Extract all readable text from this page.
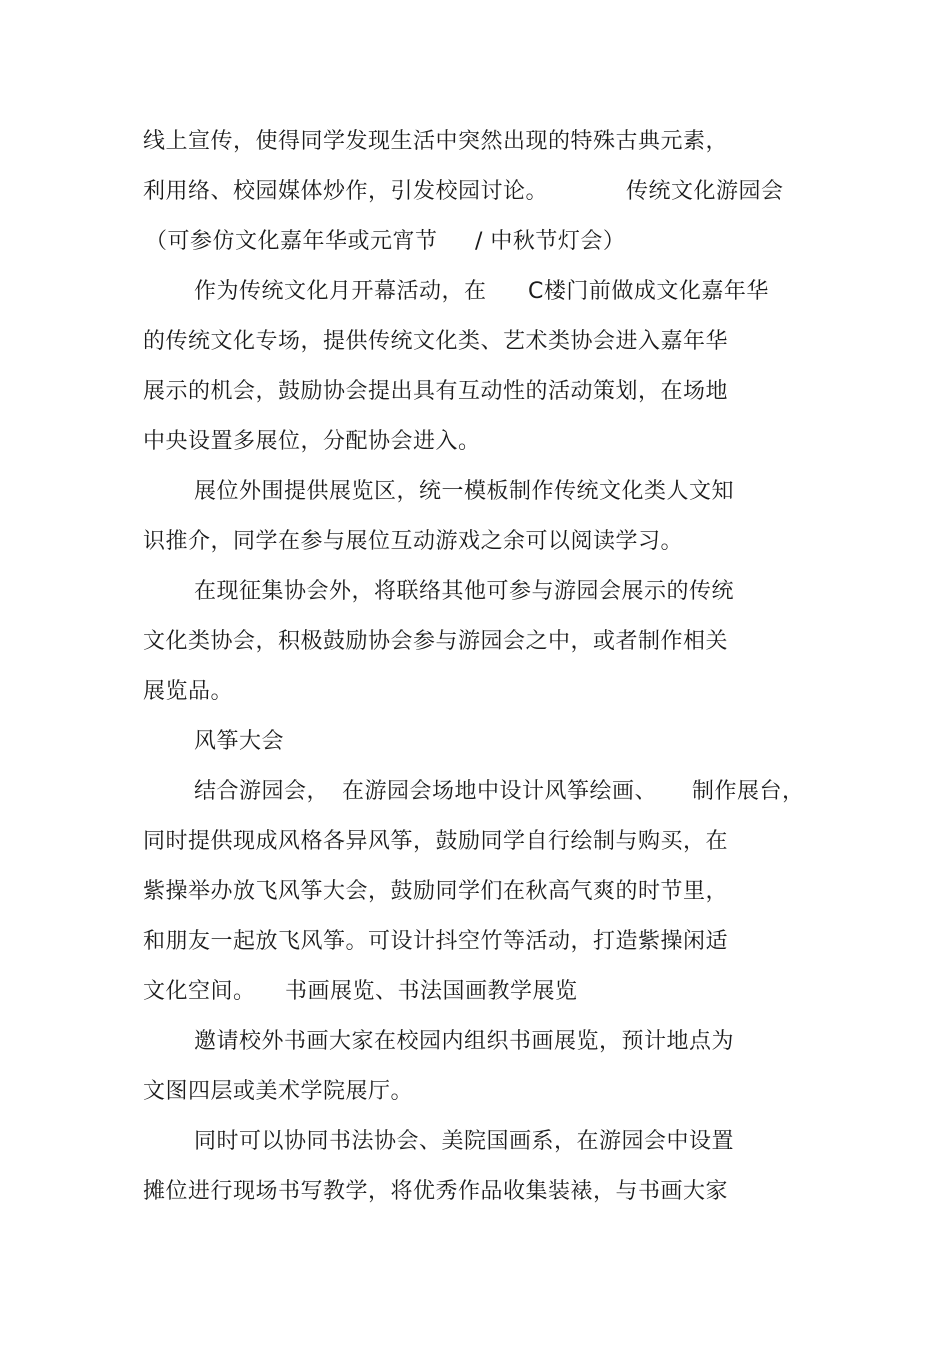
线上宣传，使得同学发现生活中突然出现的特殊古典元素，
利用络、校园媒体炒作，引发校园讨论。	传统文化游园会
（可参仿文化嘉年华或元宵节 / 中秋节灯会）
作为传统文化月开幕活动，在 C楼门前做成文化嘉年华
的传统文化专场，提供传统文化类、艺术类协会进入嘉年华
展示的机会，鼓励协会提出具有互动性的活动策划，在场地
中央设置多展位，分配协会进入。
展位外围提供展览区，统一模板制作传统文化类人文知
识推介，同学在参与展位互动游戏之余可以阅读学习。
在现征集协会外，将联络其他可参与游园会展示的传统
文化类协会，积极鼓励协会参与游园会之中，或者制作相关
展览品。
风筝大会
结合游园会， 在游园会场地中设计风筝绘画、 制作展台，
同时提供现成风格各异风筝，鼓励同学自行绘制与购买，在
紫操举办放飞风筝大会，鼓励同学们在秋高气爽的时节里，
和朋友一起放飞风筝。可设计抖空竹等活动，打造紫操闲适
文化空间。 书画展览、书法国画教学展览
邀请校外书画大家在校园内组织书画展览，预计地点为
文图四层或美术学院展厅。
同时可以协同书法协会、美院国画系，在游园会中设置
摊位进行现场书写教学，将优秀作品收集装裱，与书画大家
